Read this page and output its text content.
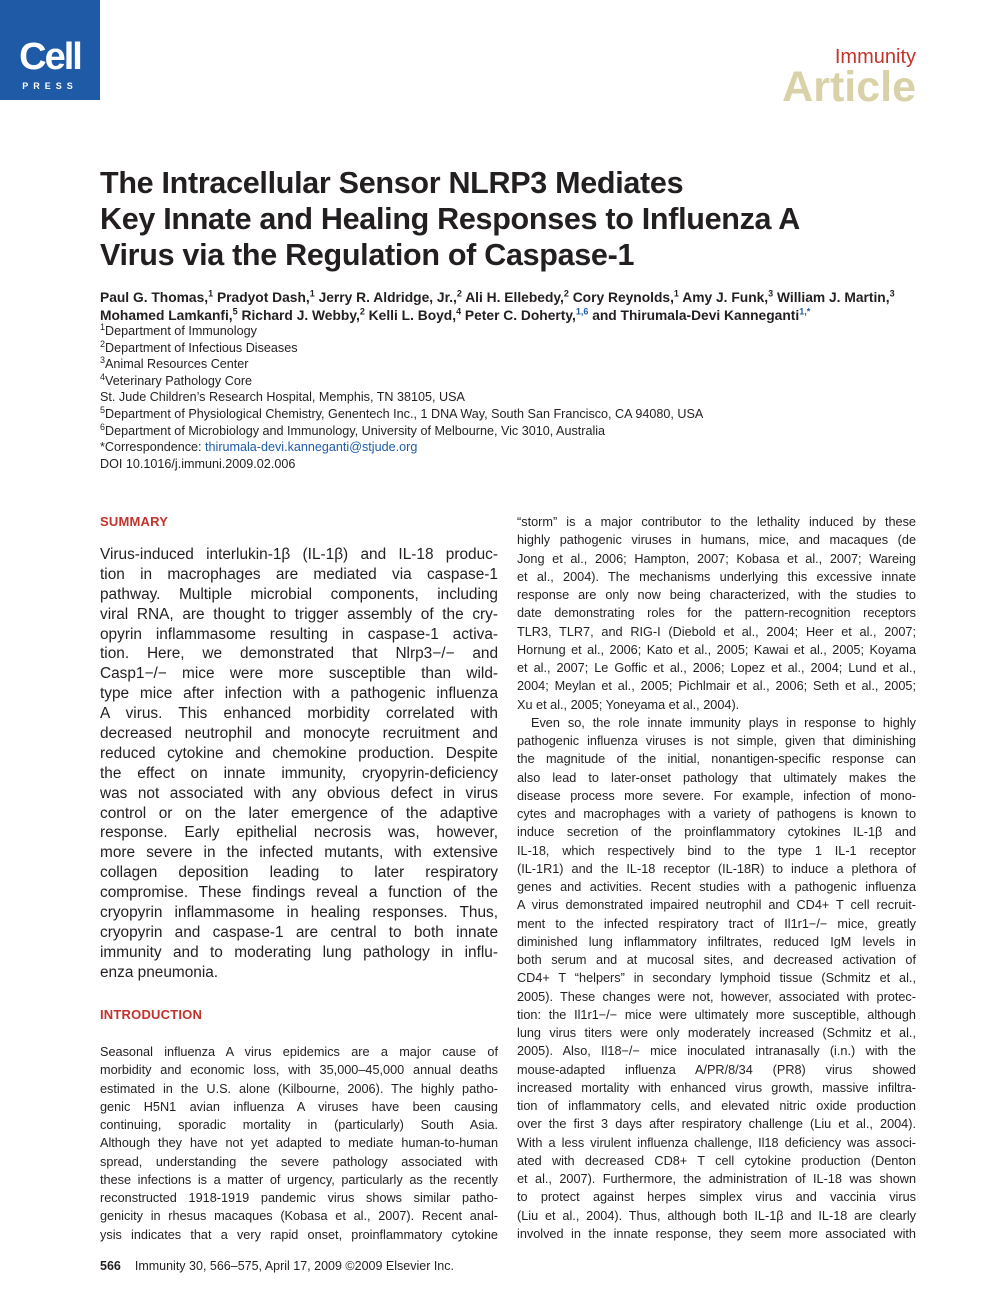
Cell
PRESS
Immunity
Article
The Intracellular Sensor NLRP3 Mediates
Key Innate and Healing Responses to Influenza A
Virus via the Regulation of Caspase-1
Paul G. Thomas,$^1$ Pradyot Dash,$^1$ Jerry R. Aldridge, Jr.,$^2$ Ali H. Ellebedy,$^2$ Cory Reynolds,$^1$ Amy J. Funk,$^3$ William J. Martin,$^3$
Mohamed Lamkanfi,$^5$ Richard J. Webby,$^2$ Kelli L. Boyd,$^4$ Peter C. Doherty,$^{1,6}$ and Thirumala-Devi Kanneganti$^{1,*}$
$^1$Department of Immunology
$^2$Department of Infectious Diseases
$^3$Animal Resources Center
$^4$Veterinary Pathology Core
St. Jude Children’s Research Hospital, Memphis, TN 38105, USA
$^5$Department of Physiological Chemistry, Genentech Inc., 1 DNA Way, South San Francisco, CA 94080, USA
$^6$Department of Microbiology and Immunology, University of Melbourne, Vic 3010, Australia
*Correspondence: thirumala-devi.kanneganti@stjude.org
DOI 10.1016/j.immuni.2009.02.006
SUMMARY
Virus-induced interlukin-1β (IL-1β) and IL-18 produc-
tion in macrophages are mediated via caspase-1
pathway. Multiple microbial components, including
viral RNA, are thought to trigger assembly of the cry-
opyrin inflammasome resulting in caspase-1 activa-
tion. Here, we demonstrated that Nlrp3−/− and
Casp1−/− mice were more susceptible than wild-
type mice after infection with a pathogenic influenza
A virus. This enhanced morbidity correlated with
decreased neutrophil and monocyte recruitment and
reduced cytokine and chemokine production. Despite
the effect on innate immunity, cryopyrin-deficiency
was not associated with any obvious defect in virus
control or on the later emergence of the adaptive
response. Early epithelial necrosis was, however,
more severe in the infected mutants, with extensive
collagen deposition leading to later respiratory
compromise. These findings reveal a function of the
cryopyrin inflammasome in healing responses. Thus,
cryopyrin and caspase-1 are central to both innate
immunity and to moderating lung pathology in influ-
enza pneumonia.
INTRODUCTION
Seasonal influenza A virus epidemics are a major cause of
morbidity and economic loss, with 35,000–45,000 annual deaths
estimated in the U.S. alone (Kilbourne, 2006). The highly patho-
genic H5N1 avian influenza A viruses have been causing
continuing, sporadic mortality in (particularly) South Asia.
Although they have not yet adapted to mediate human-to-human
spread, understanding the severe pathology associated with
these infections is a matter of urgency, particularly as the recently
reconstructed 1918-1919 pandemic virus shows similar patho-
genicity in rhesus macaques (Kobasa et al., 2007). Recent anal-
ysis indicates that a very rapid onset, proinflammatory cytokine
“storm” is a major contributor to the lethality induced by these
highly pathogenic viruses in humans, mice, and macaques (de
Jong et al., 2006; Hampton, 2007; Kobasa et al., 2007; Wareing
et al., 2004). The mechanisms underlying this excessive innate
response are only now being characterized, with the studies to
date demonstrating roles for the pattern-recognition receptors
TLR3, TLR7, and RIG-I (Diebold et al., 2004; Heer et al., 2007;
Hornung et al., 2006; Kato et al., 2005; Kawai et al., 2005; Koyama
et al., 2007; Le Goffic et al., 2006; Lopez et al., 2004; Lund et al.,
2004; Meylan et al., 2005; Pichlmair et al., 2006; Seth et al., 2005;
Xu et al., 2005; Yoneyama et al., 2004).
Even so, the role innate immunity plays in response to highly
pathogenic influenza viruses is not simple, given that diminishing
the magnitude of the initial, nonantigen-specific response can
also lead to later-onset pathology that ultimately makes the
disease process more severe. For example, infection of mono-
cytes and macrophages with a variety of pathogens is known to
induce secretion of the proinflammatory cytokines IL-1β and
IL-18, which respectively bind to the type 1 IL-1 receptor
(IL-1R1) and the IL-18 receptor (IL-18R) to induce a plethora of
genes and activities. Recent studies with a pathogenic influenza
A virus demonstrated impaired neutrophil and CD4+ T cell recruit-
ment to the infected respiratory tract of Il1r1−/− mice, greatly
diminished lung inflammatory infiltrates, reduced IgM levels in
both serum and at mucosal sites, and decreased activation of
CD4+ T “helpers” in secondary lymphoid tissue (Schmitz et al.,
2005). These changes were not, however, associated with protec-
tion: the Il1r1−/− mice were ultimately more susceptible, although
lung virus titers were only moderately increased (Schmitz et al.,
2005). Also, Il18−/− mice inoculated intranasally (i.n.) with the
mouse-adapted influenza A/PR/8/34 (PR8) virus showed
increased mortality with enhanced virus growth, massive infiltra-
tion of inflammatory cells, and elevated nitric oxide production
over the first 3 days after respiratory challenge (Liu et al., 2004).
With a less virulent influenza challenge, Il18 deficiency was associ-
ated with decreased CD8+ T cell cytokine production (Denton
et al., 2007). Furthermore, the administration of IL-18 was shown
to protect against herpes simplex virus and vaccinia virus
(Liu et al., 2004). Thus, although both IL-1β and IL-18 are clearly
involved in the innate response, they seem more associated with
566 Immunity 30, 566–575, April 17, 2009 ©2009 Elsevier Inc.
